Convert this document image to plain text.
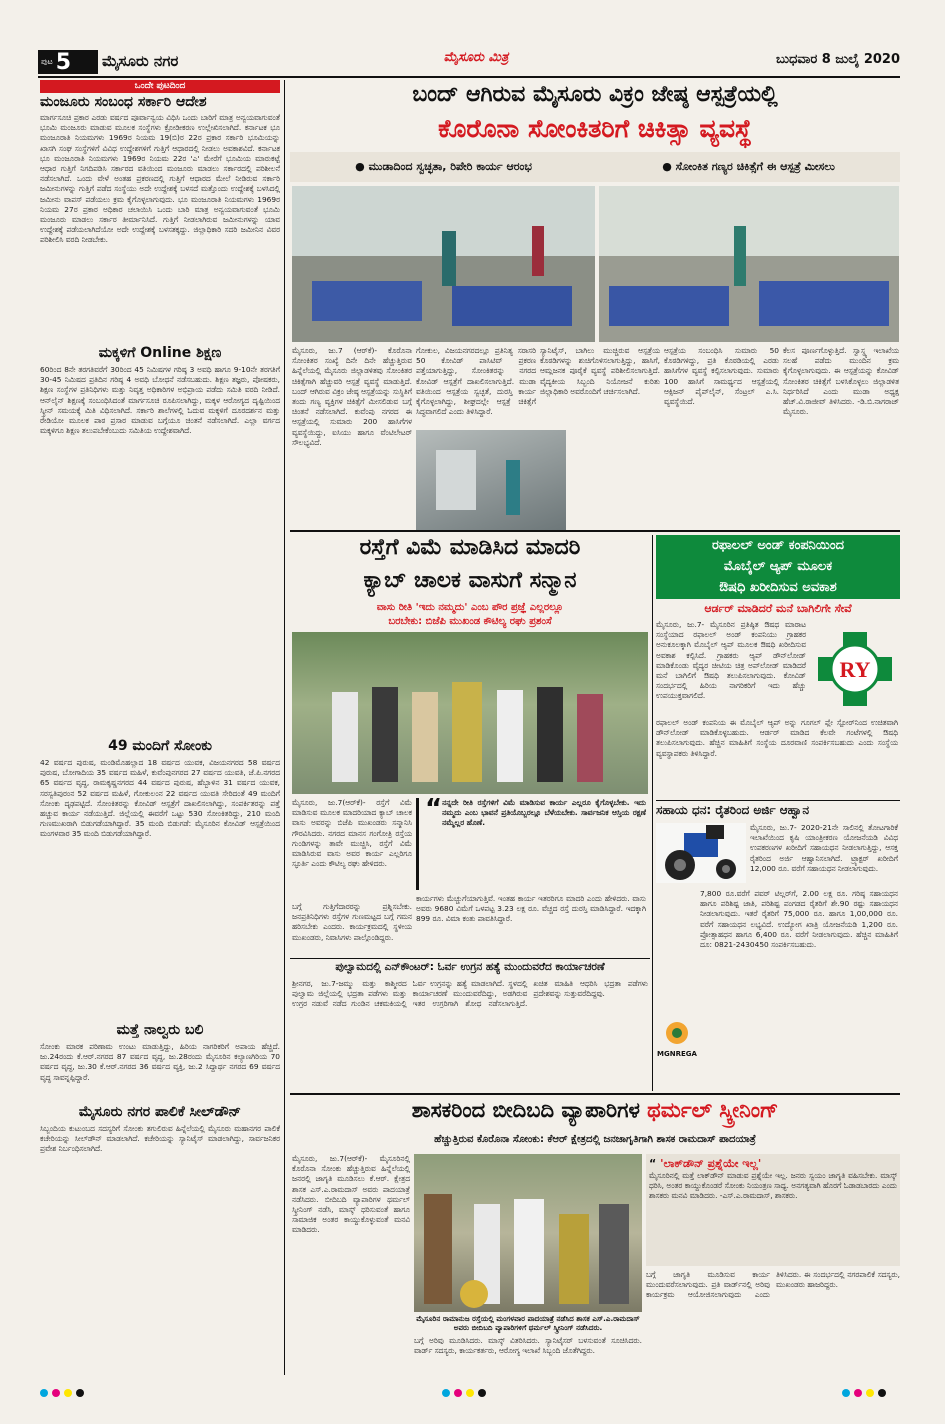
ಪುಟ 5 ಮೈಸೂರು ನಗರ	ಮೈಸೂರು ಮಿತ್ರ	ಬುಧವಾರ 8 ಜುಲೈ 2020
ಒಂದೇ ಪುಟದಿಂದ
ಮಂಜೂರು ಸಂಬಂಧ ಸರ್ಕಾರಿ ಆದೇಶ
ಮಾರ್ಗಸೂಚಿ ಪ್ರಕಾರ ಎರಡು ವರ್ಷದ ಪೂರ್ವಾನ್ವಯ ವಿಧಿಸಿ ಒಂದು ಬಾರಿಗೆ ಮಾತ್ರ ಅನ್ವಯವಾಗುವಂತೆ ಭೂಮಿ ಮಂಜೂರು ಮಾಡುವ ಮೂಲಕ ಸಂಸ್ಥೆಗಳು ಕ್ರೋಡೀಕರಣ ಉಲ್ಲೇಖಿಸಲಾಗಿದೆ. ಕರ್ನಾಟಕ ಭೂ ಮಂಜೂರಾತಿ ನಿಯಮಗಳು 1969ರ ನಿಯಮ 19(ಬಿ)ರ 22ರ ಪ್ರಕಾರ ಸರ್ಕಾರಿ ಭೂಮಿಯನ್ನು ಖಾಸಗಿ ಸಂಘ ಸಂಸ್ಥೆಗಳಿಗೆ ವಿವಿಧ ಉದ್ದೇಶಗಳಿಗೆ ಗುತ್ತಿಗೆ ಆಧಾರದಲ್ಲಿ ನೀಡಲು ಅವಕಾಶವಿದೆ. ಕರ್ನಾಟಕ ಭೂ ಮಂಜೂರಾತಿ ನಿಯಮಗಳು 1969ರ ನಿಯಮ 22ರ 'ಎ' ಮೇರೆಗೆ ಭೂಮಿಯ ಮಾರುಕಟ್ಟೆ ಆಧಾರ ಗುತ್ತಿಗೆ ನಿಗದಿಪಡಿಸಿ ಸರ್ಕಾರದ ವತಿಯಿಂದ ಮಂಜೂರು ಮಾಡಲು ಸರ್ಕಾರದಲ್ಲಿ ಪರಿಶೀಲನೆ ನಡೆಸಲಾಗಿದೆ. ಒಂದು ವೇಳೆ ಅಂತಹ ಪ್ರಕರಣದಲ್ಲಿ ಗುತ್ತಿಗೆ ಆಧಾರದ ಮೇಲೆ ನೀಡಿರುವ ಸರ್ಕಾರಿ ಜಮೀನುಗಳನ್ನು ಗುತ್ತಿಗೆ ಪಡೆದ ಸಂಸ್ಥೆಯು ಅದೇ ಉದ್ದೇಶಕ್ಕೆ ಬಳಸದೆ ಮತ್ತೊಂದು ಉದ್ದೇಶಕ್ಕೆ ಬಳಸಿದಲ್ಲಿ ಜಮೀನು ವಾಪಸ್ ಪಡೆಯಲು ಕ್ರಮ ಕೈಗೊಳ್ಳಲಾಗುವುದು. ಭೂ ಮಂಜೂರಾತಿ ನಿಯಮಗಳು 1969ರ ನಿಯಮ 27ರ ಪ್ರಕಾರ ಅಧಿಕಾರ ಚಲಾಯಿಸಿ ಒಂದು ಬಾರಿ ಮಾತ್ರ ಅನ್ವಯವಾಗುವಂತೆ ಭೂಮಿ ಮಂಜೂರು ಮಾಡಲು ಸರ್ಕಾರ ತೀರ್ಮಾನಿಸಿದೆ. ಗುತ್ತಿಗೆ ನೀಡಲಾಗಿರುವ ಜಮೀನುಗಳನ್ನು ಯಾವ ಉದ್ದೇಶಕ್ಕೆ ಪಡೆಯಲಾಗಿದೆಯೋ ಅದೇ ಉದ್ದೇಶಕ್ಕೆ ಬಳಸತಕ್ಕದ್ದು. ಜಿಲ್ಲಾಧಿಕಾರಿ ಸದರಿ ಜಮೀನಿನ ವಿವರ ಪರಿಶೀಲಿಸಿ ವರದಿ ನೀಡಬೇಕು.
ಮಕ್ಕಳಿಗೆ Online ಶಿಕ್ಷಣ
60ರಿಂದ 8ನೇ ತರಗತಿವರೆಗೆ 30ರಿಂದ 45 ನಿಮಿಷಗಳ ಗರಿಷ್ಠ 3 ಅವಧಿ ಹಾಗೂ 9-10ನೇ ತರಗತಿಗೆ 30-45 ನಿಮಿಷದ ಪ್ರತಿದಿನ ಗರಿಷ್ಠ 4 ಅವಧಿ ಬೋಧನೆ ನಡೆಸಬಹುದು. ಶಿಕ್ಷಣ ತಜ್ಞರು, ಪೋಷಕರು, ಶಿಕ್ಷಣ ಸಂಸ್ಥೆಗಳ ಪ್ರತಿನಿಧಿಗಳು ಮತ್ತು ನಿವೃತ್ತ ಅಧಿಕಾರಿಗಳ ಅಭಿಪ್ರಾಯ ಪಡೆದು ಸಮಿತಿ ವರದಿ ನೀಡಿದೆ. ಆನ್‌ಲೈನ್ ಶಿಕ್ಷಣಕ್ಕೆ ಸಂಬಂಧಿಸಿದಂತೆ ಮಾರ್ಗಸೂಚಿ ರೂಪಿಸಲಾಗಿದ್ದು, ಮಕ್ಕಳ ಆರೋಗ್ಯದ ದೃಷ್ಟಿಯಿಂದ ಸ್ಕ್ರೀನ್ ಸಮಯಕ್ಕೆ ಮಿತಿ ವಿಧಿಸಲಾಗಿದೆ. ಸರ್ಕಾರಿ ಶಾಲೆಗಳಲ್ಲಿ ಓದುವ ಮಕ್ಕಳಿಗೆ ದೂರದರ್ಶನ ಮತ್ತು ರೇಡಿಯೋ ಮೂಲಕ ಪಾಠ ಪ್ರಸಾರ ಮಾಡುವ ಬಗ್ಗೆಯೂ ಚಿಂತನೆ ನಡೆಸಲಾಗಿದೆ. ಎಲ್ಲಾ ವರ್ಗದ ಮಕ್ಕಳಿಗೂ ಶಿಕ್ಷಣ ತಲುಪಬೇಕೆಂಬುದು ಸಮಿತಿಯ ಉದ್ದೇಶವಾಗಿದೆ.
49 ಮಂದಿಗೆ ಸೋಂಕು
42 ವರ್ಷದ ಪುರುಷ, ಮಂಡಿಮೊಹಲ್ಲಾದ 18 ವರ್ಷದ ಯುವಕ, ವಿಜಯನಗರದ 58 ವರ್ಷದ ಪುರುಷ, ಬೋಗಾದಿಯ 35 ವರ್ಷದ ಮಹಿಳೆ, ಕುವೆಂಪುನಗರದ 27 ವರ್ಷದ ಯುವತಿ, ಜೆ.ಪಿ.ನಗರದ 65 ವರ್ಷದ ವೃದ್ಧ, ರಾಮಕೃಷ್ಣನಗರದ 44 ವರ್ಷದ ಪುರುಷ, ಹೆಬ್ಬಾಳಿನ 31 ವರ್ಷದ ಯುವಕ, ಸರಸ್ವತಿಪುರಂನ 52 ವರ್ಷದ ಮಹಿಳೆ, ಗೋಕುಲಂನ 22 ವರ್ಷದ ಯುವತಿ ಸೇರಿದಂತೆ 49 ಮಂದಿಗೆ ಸೋಂಕು ದೃಢಪಟ್ಟಿದೆ. ಸೋಂಕಿತರನ್ನು ಕೋವಿಡ್ ಆಸ್ಪತ್ರೆಗೆ ದಾಖಲಿಸಲಾಗಿದ್ದು, ಸಂಪರ್ಕಿತರನ್ನು ಪತ್ತೆ ಹಚ್ಚುವ ಕಾರ್ಯ ನಡೆಯುತ್ತಿದೆ. ಜಿಲ್ಲೆಯಲ್ಲಿ ಈವರೆಗೆ ಒಟ್ಟು 530 ಸೋಂಕಿತರಿದ್ದು, 210 ಮಂದಿ ಗುಣಮುಖರಾಗಿ ಬಿಡುಗಡೆಯಾಗಿದ್ದಾರೆ. 35 ಮಂದಿ ಬಿಡುಗಡೆ: ಮೈಸೂರಿನ ಕೋವಿಡ್ ಆಸ್ಪತ್ರೆಯಿಂದ ಮಂಗಳವಾರ 35 ಮಂದಿ ಬಿಡುಗಡೆಯಾಗಿದ್ದಾರೆ.
ಮತ್ತೆ ನಾಲ್ವರು ಬಲಿ
ಸೋಂಕು ಮಾರಕ ಪರಿಣಾಮ ಉಂಟು ಮಾಡುತ್ತಿದ್ದು, ಹಿರಿಯ ನಾಗರಿಕರಿಗೆ ಅಪಾಯ ಹೆಚ್ಚಿದೆ. ಜು.24ರಂದು ಕೆ.ಆರ್.ನಗರದ 87 ವರ್ಷದ ವೃದ್ಧ, ಜು.28ರಂದು ಮೈಸೂರಿನ ಕಲ್ಯಾಣಗಿರಿಯ 70 ವರ್ಷದ ವೃದ್ಧ, ಜು.30 ಕೆ.ಆರ್.ನಗರದ 36 ವರ್ಷದ ವ್ಯಕ್ತಿ, ಜು.2 ಸಿದ್ದಾರ್ಥ ನಗರದ 69 ವರ್ಷದ ವೃದ್ಧ ಸಾವನ್ನಪ್ಪಿದ್ದಾರೆ.
ಮೈಸೂರು ನಗರ ಪಾಲಿಕೆ ಸೀಲ್‌ಡೌನ್
ಸಿಬ್ಬಂದಿಯ ಕುಟುಂಬದ ಸದಸ್ಯರಿಗೆ ಸೋಂಕು ತಗುಲಿರುವ ಹಿನ್ನೆಲೆಯಲ್ಲಿ ಮೈಸೂರು ಮಹಾನಗರ ಪಾಲಿಕೆ ಕಚೇರಿಯನ್ನು ಸೀಲ್‌ಡೌನ್ ಮಾಡಲಾಗಿದೆ. ಕಚೇರಿಯನ್ನು ಸ್ಯಾನಿಟೈಸ್ ಮಾಡಲಾಗಿದ್ದು, ಸಾರ್ವಜನಿಕರ ಪ್ರವೇಶ ನಿರ್ಬಂಧಿಸಲಾಗಿದೆ.
ಬಂದ್ ಆಗಿರುವ ಮೈಸೂರು ವಿಕ್ರಂ ಜೇಷ್ಠ ಆಸ್ಪತ್ರೆಯಲ್ಲಿ
ಕೊರೊನಾ ಸೋಂಕಿತರಿಗೆ ಚಿಕಿತ್ಸಾ ವ್ಯವಸ್ಥೆ
● ಮುಡಾದಿಂದ ಸ್ವಚ್ಛತಾ, ರಿಪೇರಿ ಕಾರ್ಯ ಆರಂಭ	● ಸೋಂಕಿತ ಗಣ್ಯರ ಚಿಕಿತ್ಸೆಗೆ ಈ ಆಸ್ಪತ್ರೆ ಮೀಸಲು
ಮೈಸೂರು, ಜು.7 (ಆರ್‌ಕೆ)- ಕೊರೊನಾ ಸೋಂಕಿತರ ಸಂಖ್ಯೆ ದಿನೇ ದಿನೇ ಹೆಚ್ಚುತ್ತಿರುವ ಹಿನ್ನೆಲೆಯಲ್ಲಿ ಮೈಸೂರು ಜಿಲ್ಲಾಡಳಿತವು ಸೋಂಕಿತರ ಚಿಕಿತ್ಸೆಗಾಗಿ ಹೆಚ್ಚುವರಿ ಆಸ್ಪತ್ರೆ ವ್ಯವಸ್ಥೆ ಮಾಡುತ್ತಿದೆ. ಬಂದ್ ಆಗಿರುವ ವಿಕ್ರಂ ಜೇಷ್ಠ ಆಸ್ಪತ್ರೆಯನ್ನು ಸುಸ್ಥಿತಿಗೆ ತಂದು ಗಣ್ಯ ವ್ಯಕ್ತಿಗಳ ಚಿಕಿತ್ಸೆಗೆ ಮೀಸಲಿಡುವ ಬಗ್ಗೆ ಚಿಂತನೆ ನಡೆಸಲಾಗಿದೆ. ಕುವೆಂಪು ನಗರದ ಈ ಆಸ್ಪತ್ರೆಯಲ್ಲಿ ಸುಮಾರು 200 ಹಾಸಿಗೆಗಳ ವ್ಯವಸ್ಥೆಯಿದ್ದು, ಐಸಿಯು ಹಾಗೂ ವೆಂಟಿಲೇಟರ್ ಸೌಲಭ್ಯವಿದೆ.
ಗೋಕುಲ, ವಿಜಯನಗರದಲ್ಲೂ ಪ್ರತಿನಿತ್ಯ ಸರಾಸರಿ 50 ಕೋವಿಡ್ ಪಾಸಿಟಿವ್ ಪ್ರಕರಣ ಪತ್ತೆಯಾಗುತ್ತಿದ್ದು, ಸೋಂಕಿತರನ್ನು ನಗರದ ಕೋವಿಡ್ ಆಸ್ಪತ್ರೆಗೆ ದಾಖಲಿಸಲಾಗುತ್ತಿದೆ. ಮುಡಾ ವತಿಯಿಂದ ಆಸ್ಪತ್ರೆಯ ಸ್ವಚ್ಛತೆ, ದುರಸ್ತಿ ಕಾರ್ಯ ಕೈಗೊಳ್ಳಲಾಗಿದ್ದು, ಶೀಘ್ರದಲ್ಲೇ ಆಸ್ಪತ್ರೆ ಚಿಕಿತ್ಸೆಗೆ ಸಿದ್ಧವಾಗಲಿದೆ ಎಂದು ತಿಳಿಸಿದ್ದಾರೆ.
ಸ್ಯಾನಿಟೈಸ್, ಬಾಗಿಲು ಮುಚ್ಚಿರುವ ಆಸ್ಪತ್ರೆಯ ಕೊಠಡಿಗಳನ್ನು ಶುಚಿಗೊಳಿಸಲಾಗುತ್ತಿದ್ದು, ಹಾಸಿಗೆ, ಆಮ್ಲಜನಕ ಪೂರೈಕೆ ವ್ಯವಸ್ಥೆ ಪರಿಶೀಲಿಸಲಾಗುತ್ತಿದೆ. ವೈದ್ಯಕೀಯ ಸಿಬ್ಬಂದಿ ನಿಯೋಜನೆ ಕುರಿತು ಜಿಲ್ಲಾಧಿಕಾರಿ ಅವರೊಂದಿಗೆ ಚರ್ಚಿಸಲಾಗಿದೆ.
ಆಸ್ಪತ್ರೆಯ ಸಂಬಂಧಿಸಿ ಸುಮಾರು 50 ಕೊಠಡಿಗಳಿದ್ದು, ಪ್ರತಿ ಕೊಠಡಿಯಲ್ಲಿ ಎರಡು ಹಾಸಿಗೆಗಳ ವ್ಯವಸ್ಥೆ ಕಲ್ಪಿಸಲಾಗುವುದು. ಸುಮಾರು 100 ಹಾಸಿಗೆ ಸಾಮರ್ಥ್ಯದ ಆಸ್ಪತ್ರೆಯಲ್ಲಿ ಆಕ್ಸಿಜನ್ ಪೈಪ್‌ಲೈನ್, ಸೆಂಟ್ರಲ್ ಎ.ಸಿ. ವ್ಯವಸ್ಥೆಯಿದೆ.
ಕೆಲಸ ಪೂರ್ಣಗೊಳ್ಳುತ್ತಿದೆ. ಸ್ವಾಸ್ಥ್ಯ ಇಲಾಖೆಯ ಸಲಹೆ ಪಡೆದು ಮುಂದಿನ ಕ್ರಮ ಕೈಗೊಳ್ಳಲಾಗುವುದು. ಈ ಆಸ್ಪತ್ರೆಯನ್ನು ಕೋವಿಡ್ ಸೋಂಕಿತರ ಚಿಕಿತ್ಸೆಗೆ ಬಳಸಿಕೊಳ್ಳಲು ಜಿಲ್ಲಾಡಳಿತ ನಿರ್ಧರಿಸಿದೆ ಎಂದು ಮುಡಾ ಅಧ್ಯಕ್ಷ ಹೆಚ್.ವಿ.ರಾಜೀವ್ ತಿಳಿಸಿದರು. -ಡಿ.ಬಿ.ನಾಗರಾಜ್ ಮೈಸೂರು.
ರಸ್ತೆಗೆ ವಿಮೆ ಮಾಡಿಸಿದ ಮಾದರಿ
ಕ್ಯಾಬ್ ಚಾಲಕ ವಾಸುಗೆ ಸನ್ಮಾನ
ವಾಸು ರೀತಿ 'ಇದು ನಮ್ಮದು' ಎಂಬ ಪೌರ ಪ್ರಜ್ಞೆ ಎಲ್ಲರಲ್ಲೂ
ಬರಬೇಕು: ಬಿಜೆಪಿ ಮುಖಂಡ ಕೌಟಿಲ್ಯ ರಘು ಪ್ರಶಂಸೆ
ಮೈಸೂರು, ಜು.7(ಆರ್‌ಕೆ)- ರಸ್ತೆಗೆ ವಿಮೆ ಮಾಡಿಸುವ ಮೂಲಕ ಮಾದರಿಯಾದ ಕ್ಯಾಬ್ ಚಾಲಕ ವಾಸು ಅವರನ್ನು ಬಿಜೆಪಿ ಮುಖಂಡರು ಸನ್ಮಾನಿಸಿ ಗೌರವಿಸಿದರು. ನಗರದ ಮಾನಸ ಗಂಗೋತ್ರಿ ರಸ್ತೆಯ ಗುಂಡಿಗಳನ್ನು ತಾವೇ ಮುಚ್ಚಿಸಿ, ರಸ್ತೆಗೆ ವಿಮೆ ಮಾಡಿಸಿರುವ ವಾಸು ಅವರ ಕಾರ್ಯ ಎಲ್ಲರಿಗೂ ಸ್ಫೂರ್ತಿ ಎಂದು ಕೌಟಿಲ್ಯ ರಘು ಹೇಳಿದರು.
“ ನನ್ನದೇ ರೀತಿ ರಸ್ತೆಗಳಿಗೆ ವಿಮೆ ಮಾಡಿಸುವ ಕಾರ್ಯ ಎಲ್ಲರೂ ಕೈಗೊಳ್ಳಬೇಕು. ಇದು ನಮ್ಮದು ಎಂಬ ಭಾವನೆ ಪ್ರತಿಯೊಬ್ಬರಲ್ಲೂ ಬೆಳೆಯಬೇಕು. ಸಾರ್ವಜನಿಕ ಆಸ್ತಿಯ ರಕ್ಷಣೆ ನಮ್ಮೆಲ್ಲರ ಹೊಣೆ.
ಬಗ್ಗೆ ಗುತ್ತಿಗೆದಾರರನ್ನು ಪ್ರಶ್ನಿಸಬೇಕು. ಜನಪ್ರತಿನಿಧಿಗಳು ರಸ್ತೆಗಳ ಗುಣಮಟ್ಟದ ಬಗ್ಗೆ ಗಮನ ಹರಿಸಬೇಕು ಎಂದರು. ಕಾರ್ಯಕ್ರಮದಲ್ಲಿ ಸ್ಥಳೀಯ ಮುಖಂಡರು, ನಿವಾಸಿಗಳು ಪಾಲ್ಗೊಂಡಿದ್ದರು.
ಕಾರ್ಯಗಳು ಮೆಚ್ಚುಗೆಯಾಗುತ್ತಿವೆ. ಇಂತಹ ಕಾರ್ಯ ಇತರರಿಗೂ ಮಾದರಿ ಎಂದು ಹೇಳಿದರು. ವಾಸು ಅವರು 9680 ವಿಮೆಗೆ ಒಳಪಟ್ಟ 3.23 ಲಕ್ಷ ರೂ. ವೆಚ್ಚದ ರಸ್ತೆ ದುರಸ್ತಿ ಮಾಡಿಸಿದ್ದಾರೆ. ಇದಕ್ಕಾಗಿ 899 ರೂ. ವಿಮಾ ಕಂತು ಪಾವತಿಸಿದ್ದಾರೆ.
ಪುಲ್ವಾಮದಲ್ಲಿ ಎನ್‌ಕೌಂಟರ್: ಓರ್ವ ಉಗ್ರನ ಹತ್ಯೆ ಮುಂದುವರೆದ ಕಾರ್ಯಾಚರಣೆ
ಶ್ರೀನಗರ, ಜು.7-ಜಮ್ಮು ಮತ್ತು ಕಾಶ್ಮೀರದ ಪುಲ್ವಾಮ ಜಿಲ್ಲೆಯಲ್ಲಿ ಭದ್ರತಾ ಪಡೆಗಳು ಮತ್ತು ಉಗ್ರರ ನಡುವೆ ನಡೆದ ಗುಂಡಿನ ಚಕಮಕಿಯಲ್ಲಿ ಓರ್ವ ಉಗ್ರನನ್ನು ಹತ್ಯೆ ಮಾಡಲಾಗಿದೆ. ಸ್ಥಳದಲ್ಲಿ ಕಾರ್ಯಾಚರಣೆ ಮುಂದುವರೆದಿದ್ದು, ಅಡಗಿರುವ ಇತರ ಉಗ್ರರಿಗಾಗಿ ಶೋಧ ನಡೆಸಲಾಗುತ್ತಿದೆ. ಖಚಿತ ಮಾಹಿತಿ ಆಧರಿಸಿ ಭದ್ರತಾ ಪಡೆಗಳು ಪ್ರದೇಶವನ್ನು ಸುತ್ತುವರೆದಿದ್ದವು.
ರಫಾಲಲ್ ಅಂಡ್ ಕಂಪನಿಯಿಂದ
ಮೊಬೈಲ್ ಆ್ಯಪ್ ಮೂಲಕ
ಔಷಧಿ ಖರೀದಿಸುವ ಅವಕಾಶ
ಆರ್ಡರ್ ಮಾಡಿದರೆ ಮನೆ ಬಾಗಿಲಿಗೇ ಸೇವೆ
ಮೈಸೂರು, ಜು.7- ಮೈಸೂರಿನ ಪ್ರತಿಷ್ಠಿತ ಔಷಧ ಮಾರಾಟ ಸಂಸ್ಥೆಯಾದ ರಫಾಲಲ್ ಅಂಡ್ ಕಂಪನಿಯು ಗ್ರಾಹಕರ ಅನುಕೂಲಕ್ಕಾಗಿ ಮೊಬೈಲ್ ಆ್ಯಪ್ ಮೂಲಕ ಔಷಧಿ ಖರೀದಿಸುವ ಅವಕಾಶ ಕಲ್ಪಿಸಿದೆ. ಗ್ರಾಹಕರು ಆ್ಯಪ್ ಡೌನ್‌ಲೋಡ್ ಮಾಡಿಕೊಂಡು ವೈದ್ಯರ ಚೀಟಿಯ ಚಿತ್ರ ಅಪ್‌ಲೋಡ್ ಮಾಡಿದರೆ ಮನೆ ಬಾಗಿಲಿಗೆ ಔಷಧಿ ತಲುಪಿಸಲಾಗುವುದು. ಕೋವಿಡ್ ಸಂದರ್ಭದಲ್ಲಿ ಹಿರಿಯ ನಾಗರಿಕರಿಗೆ ಇದು ಹೆಚ್ಚು ಉಪಯುಕ್ತವಾಗಲಿದೆ.
RY
ರಫಾಲಲ್ ಅಂಡ್ ಕಂಪನಿಯ ಈ ಮೊಬೈಲ್ ಆ್ಯಪ್ ಅನ್ನು ಗೂಗಲ್ ಪ್ಲೇ ಸ್ಟೋರ್‌ನಿಂದ ಉಚಿತವಾಗಿ ಡೌನ್‌ಲೋಡ್ ಮಾಡಿಕೊಳ್ಳಬಹುದು. ಆರ್ಡರ್ ಮಾಡಿದ ಕೆಲವೇ ಗಂಟೆಗಳಲ್ಲಿ ಔಷಧಿ ತಲುಪಿಸಲಾಗುವುದು. ಹೆಚ್ಚಿನ ಮಾಹಿತಿಗೆ ಸಂಸ್ಥೆಯ ದೂರವಾಣಿ ಸಂಪರ್ಕಿಸಬಹುದು ಎಂದು ಸಂಸ್ಥೆಯ ವ್ಯವಸ್ಥಾಪಕರು ತಿಳಿಸಿದ್ದಾರೆ.
ಸಹಾಯ ಧನ: ರೈತರಿಂದ ಅರ್ಜಿ ಆಹ್ವಾನ
ಮೈಸೂರು, ಜು.7- 2020-21ನೇ ಸಾಲಿನಲ್ಲಿ ತೋಟಗಾರಿಕೆ ಇಲಾಖೆಯಿಂದ ಕೃಷಿ ಯಾಂತ್ರೀಕರಣ ಯೋಜನೆಯಡಿ ವಿವಿಧ ಉಪಕರಣಗಳ ಖರೀದಿಗೆ ಸಹಾಯಧನ ನೀಡಲಾಗುತ್ತಿದ್ದು, ಆಸಕ್ತ ರೈತರಿಂದ ಅರ್ಜಿ ಆಹ್ವಾನಿಸಲಾಗಿದೆ. ಟ್ರ್ಯಾಕ್ಟರ್ ಖರೀದಿಗೆ 12,000 ರೂ. ವರೆಗೆ ಸಹಾಯಧನ ನೀಡಲಾಗುವುದು.
7,800 ರೂ.ವರೆಗೆ ಪವರ್ ಟಿಲ್ಲರ್‌ಗೆ, 2.00 ಲಕ್ಷ ರೂ. ಗರಿಷ್ಠ ಸಹಾಯಧನ ಹಾಗೂ ಪರಿಶಿಷ್ಟ ಜಾತಿ, ಪರಿಶಿಷ್ಟ ಪಂಗಡದ ರೈತರಿಗೆ ಶೇ.90 ರಷ್ಟು ಸಹಾಯಧನ ನೀಡಲಾಗುವುದು. ಇತರೆ ರೈತರಿಗೆ 75,000 ರೂ. ಹಾಗೂ 1,00,000 ರೂ. ವರೆಗೆ ಸಹಾಯಧನ ಲಭ್ಯವಿದೆ. ಉದ್ಯೋಗ ಖಾತ್ರಿ ಯೋಜನೆಯಡಿ 1,200 ರೂ. ಪ್ರೋತ್ಸಾಹಧನ ಹಾಗೂ 6,400 ರೂ. ವರೆಗೆ ನೀಡಲಾಗುವುದು. ಹೆಚ್ಚಿನ ಮಾಹಿತಿಗೆ ದೂ: 0821-2430450 ಸಂಪರ್ಕಿಸಬಹುದು.
MGNREGA
ಶಾಸಕರಿಂದ ಬೀದಿಬದಿ ವ್ಯಾಪಾರಿಗಳ ಥರ್ಮಲ್ ಸ್ಕ್ರೀನಿಂಗ್
ಹೆಚ್ಚುತ್ತಿರುವ ಕೊರೊನಾ ಸೋಂಕು: ಕೆಆರ್ ಕ್ಷೇತ್ರದಲ್ಲಿ ಜನಜಾಗೃತಿಗಾಗಿ ಶಾಸಕ ರಾಮದಾಸ್ ಪಾದಯಾತ್ರೆ
ಮೈಸೂರು, ಜು.7(ಆರ್‌ಕೆ)- ಮೈಸೂರಿನಲ್ಲಿ ಕೊರೊನಾ ಸೋಂಕು ಹೆಚ್ಚುತ್ತಿರುವ ಹಿನ್ನೆಲೆಯಲ್ಲಿ ಜನರಲ್ಲಿ ಜಾಗೃತಿ ಮೂಡಿಸಲು ಕೆ.ಆರ್. ಕ್ಷೇತ್ರದ ಶಾಸಕ ಎಸ್.ಎ.ರಾಮದಾಸ್ ಅವರು ಪಾದಯಾತ್ರೆ ನಡೆಸಿದರು. ಬೀದಿಬದಿ ವ್ಯಾಪಾರಿಗಳ ಥರ್ಮಲ್ ಸ್ಕ್ರೀನಿಂಗ್ ನಡೆಸಿ, ಮಾಸ್ಕ್ ಧರಿಸುವಂತೆ ಹಾಗೂ ಸಾಮಾಜಿಕ ಅಂತರ ಕಾಯ್ದುಕೊಳ್ಳುವಂತೆ ಮನವಿ ಮಾಡಿದರು.
ಮೈಸೂರಿನ ರಾಮಾನುಜ ರಸ್ತೆಯಲ್ಲಿ ಮಂಗಳವಾರ ಪಾದಯಾತ್ರೆ ನಡೆಸಿದ ಶಾಸಕ ಎಸ್.ಎ.ರಾಮದಾಸ್ ಅವರು ಬೀದಿಬದಿ ವ್ಯಾಪಾರಿಗಳಿಗೆ ಥರ್ಮಲ್ ಸ್ಕ್ರೀನಿಂಗ್ ನಡೆಸಿದರು.
ಬಗ್ಗೆ ಅರಿವು ಮೂಡಿಸಿದರು. ಮಾಸ್ಕ್ ವಿತರಿಸಿದರು. ಸ್ಯಾನಿಟೈಸರ್ ಬಳಸುವಂತೆ ಸೂಚಿಸಿದರು. ವಾರ್ಡ್ ಸದಸ್ಯರು, ಕಾರ್ಯಕರ್ತರು, ಆರೋಗ್ಯ ಇಲಾಖೆ ಸಿಬ್ಬಂದಿ ಜೊತೆಗಿದ್ದರು.
“ 'ಲಾಕ್‌ಡೌನ್ ಪ್ರಶ್ನೆಯೇ ಇಲ್ಲ'
ಮೈಸೂರಿನಲ್ಲಿ ಮತ್ತೆ ಲಾಕ್‌ಡೌನ್ ಮಾಡುವ ಪ್ರಶ್ನೆಯೇ ಇಲ್ಲ. ಜನರು ಸ್ವಯಂ ಜಾಗೃತಿ ವಹಿಸಬೇಕು. ಮಾಸ್ಕ್ ಧರಿಸಿ, ಅಂತರ ಕಾಯ್ದುಕೊಂಡರೆ ಸೋಂಕು ನಿಯಂತ್ರಣ ಸಾಧ್ಯ. ಅನಗತ್ಯವಾಗಿ ಹೊರಗೆ ಓಡಾಡಬಾರದು ಎಂದು ಶಾಸಕರು ಮನವಿ ಮಾಡಿದರು. -ಎಸ್.ಎ.ರಾಮದಾಸ್, ಶಾಸಕರು.
ಬಗ್ಗೆ ಜಾಗೃತಿ ಮೂಡಿಸುವ ಕಾರ್ಯ ಮುಂದುವರೆಸಲಾಗುವುದು. ಪ್ರತಿ ವಾರ್ಡ್‌ನಲ್ಲಿ ಅರಿವು ಕಾರ್ಯಕ್ರಮ ಆಯೋಜಿಸಲಾಗುವುದು ಎಂದು ತಿಳಿಸಿದರು. ಈ ಸಂದರ್ಭದಲ್ಲಿ ನಗರಪಾಲಿಕೆ ಸದಸ್ಯರು, ಮುಖಂಡರು ಹಾಜರಿದ್ದರು.
